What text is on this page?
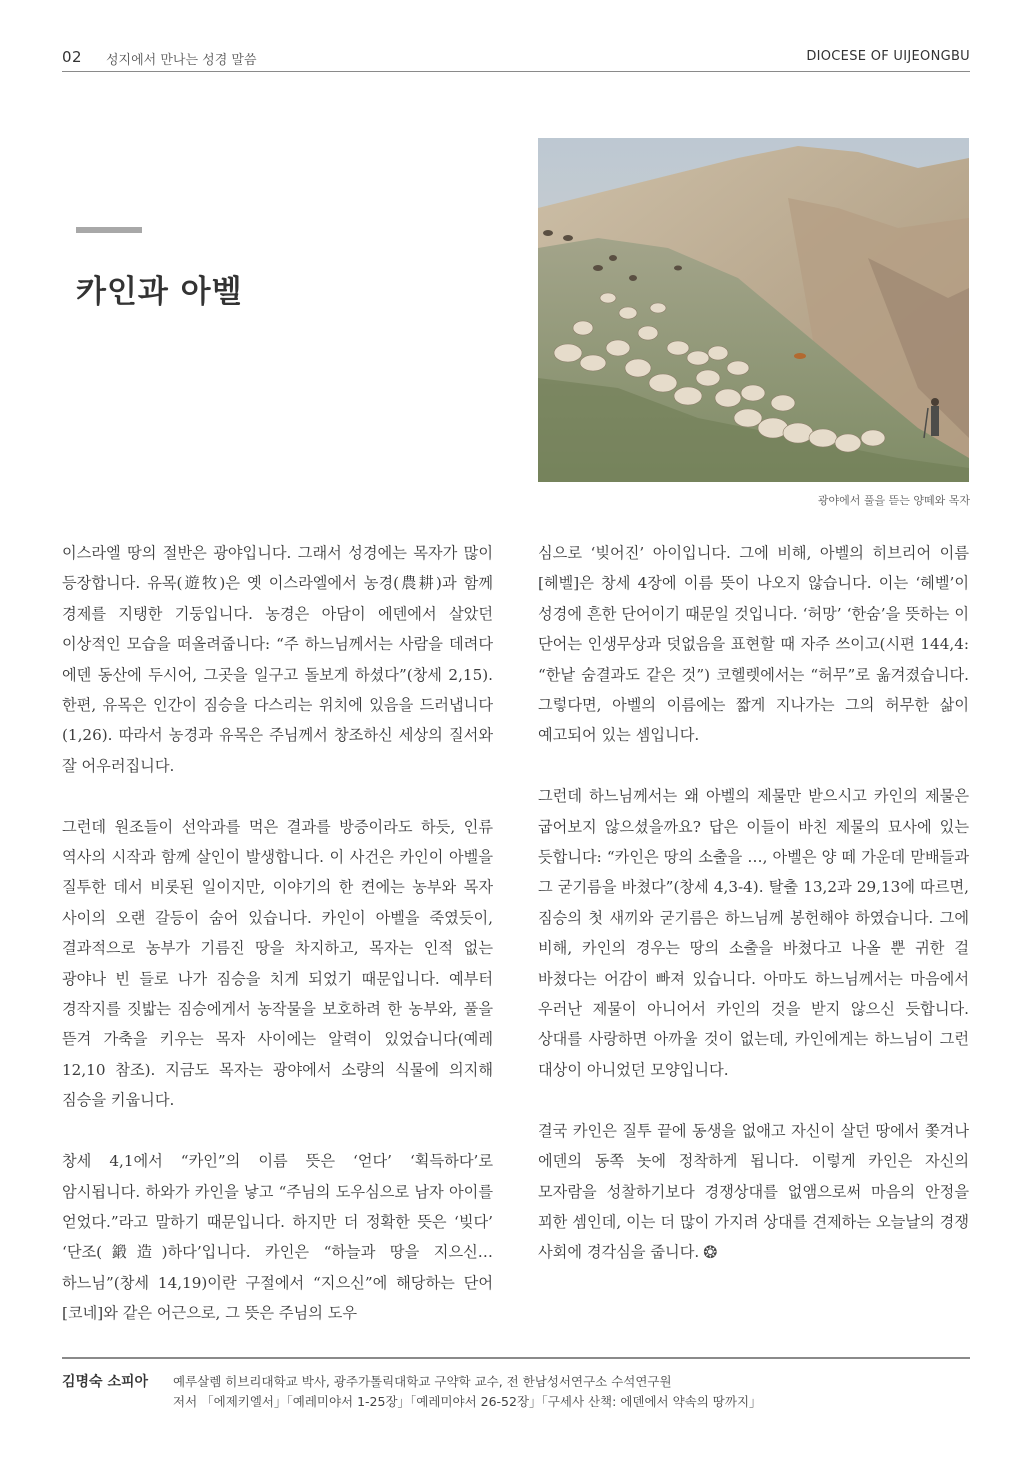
02 성지에서 만나는 성경 말씀	DIOCESE OF UIJEONGBU
카인과 아벨
광야에서 풀을 뜯는 양떼와 목자

이스라엘 땅의 절반은 광야입니다. 그래서 성경에는 목자가 많이 등장합니다. 유목(遊牧)은 옛 이스라엘에서 농경(農耕)과 함께 경제를 지탱한 기둥입니다. 농경은 아담이 에덴에서 살았던 이상적인 모습을 떠올려줍니다: “주 하느님께서는 사람을 데려다 에덴 동산에 두시어, 그곳을 일구고 돌보게 하셨다”(창세 2,15). 한편, 유목은 인간이 짐승을 다스리는 위치에 있음을 드러냅니다(1,26). 따라서 농경과 유목은 주님께서 창조하신 세상의 질서와 잘 어우러집니다.

그런데 원조들이 선악과를 먹은 결과를 방증이라도 하듯, 인류 역사의 시작과 함께 살인이 발생합니다. 이 사건은 카인이 아벨을 질투한 데서 비롯된 일이지만, 이야기의 한 켠에는 농부와 목자 사이의 오랜 갈등이 숨어 있습니다. 카인이 아벨을 죽였듯이, 결과적으로 농부가 기름진 땅을 차지하고, 목자는 인적 없는 광야나 빈 들로 나가 짐승을 치게 되었기 때문입니다. 예부터 경작지를 짓밟는 짐승에게서 농작물을 보호하려 한 농부와, 풀을 뜯겨 가축을 키우는 목자 사이에는 알력이 있었습니다(예레 12,10 참조). 지금도 목자는 광야에서 소량의 식물에 의지해 짐승을 키웁니다.

창세 4,1에서 “카인”의 이름 뜻은 ‘얻다’ ‘획득하다’로 암시됩니다. 하와가 카인을 낳고 “주님의 도우심으로 남자 아이를 얻었다.”라고 말하기 때문입니다. 하지만 더 정확한 뜻은 ‘빚다’ ‘단조(鍛造)하다’입니다. 카인은 “하늘과 땅을 지으신… 하느님”(창세 14,19)이란 구절에서 “지으신”에 해당하는 단어 [코네]와 같은 어근으로, 그 뜻은 주님의 도우

심으로 ‘빚어진’ 아이입니다. 그에 비해, 아벨의 히브리어 이름 [헤벨]은 창세 4장에 이름 뜻이 나오지 않습니다. 이는 ‘헤벨’이 성경에 흔한 단어이기 때문일 것입니다. ‘허망’ ‘한숨’을 뜻하는 이 단어는 인생무상과 덧없음을 표현할 때 자주 쓰이고(시편 144,4: “한낱 숨결과도 같은 것”) 코헬렛에서는 “허무”로 옮겨졌습니다. 그렇다면, 아벨의 이름에는 짧게 지나가는 그의 허무한 삶이 예고되어 있는 셈입니다.

그런데 하느님께서는 왜 아벨의 제물만 받으시고 카인의 제물은 굽어보지 않으셨을까요? 답은 이들이 바친 제물의 묘사에 있는 듯합니다: “카인은 땅의 소출을 …, 아벨은 양 떼 가운데 맏배들과 그 굳기름을 바쳤다”(창세 4,3-4). 탈출 13,2과 29,13에 따르면, 짐승의 첫 새끼와 굳기름은 하느님께 봉헌해야 하였습니다. 그에 비해, 카인의 경우는 땅의 소출을 바쳤다고 나올 뿐 귀한 걸 바쳤다는 어감이 빠져 있습니다. 아마도 하느님께서는 마음에서 우러난 제물이 아니어서 카인의 것을 받지 않으신 듯합니다. 상대를 사랑하면 아까울 것이 없는데, 카인에게는 하느님이 그런 대상이 아니었던 모양입니다.

결국 카인은 질투 끝에 동생을 없애고 자신이 살던 땅에서 쫓겨나 에덴의 동쪽 놋에 정착하게 됩니다. 이렇게 카인은 자신의 모자람을 성찰하기보다 경쟁상대를 없앰으로써 마음의 안정을 꾀한 셈인데, 이는 더 많이 가지려 상대를 견제하는 오늘날의 경쟁 사회에 경각심을 줍니다. ❂

김명숙 소피아 예루살렘 히브리대학교 박사, 광주가톨릭대학교 구약학 교수, 전 한남성서연구소 수석연구원
저서 「에제키엘서」「예레미야서 1-25장」「예레미야서 26-52장」「구세사 산책: 에덴에서 약속의 땅까지」
